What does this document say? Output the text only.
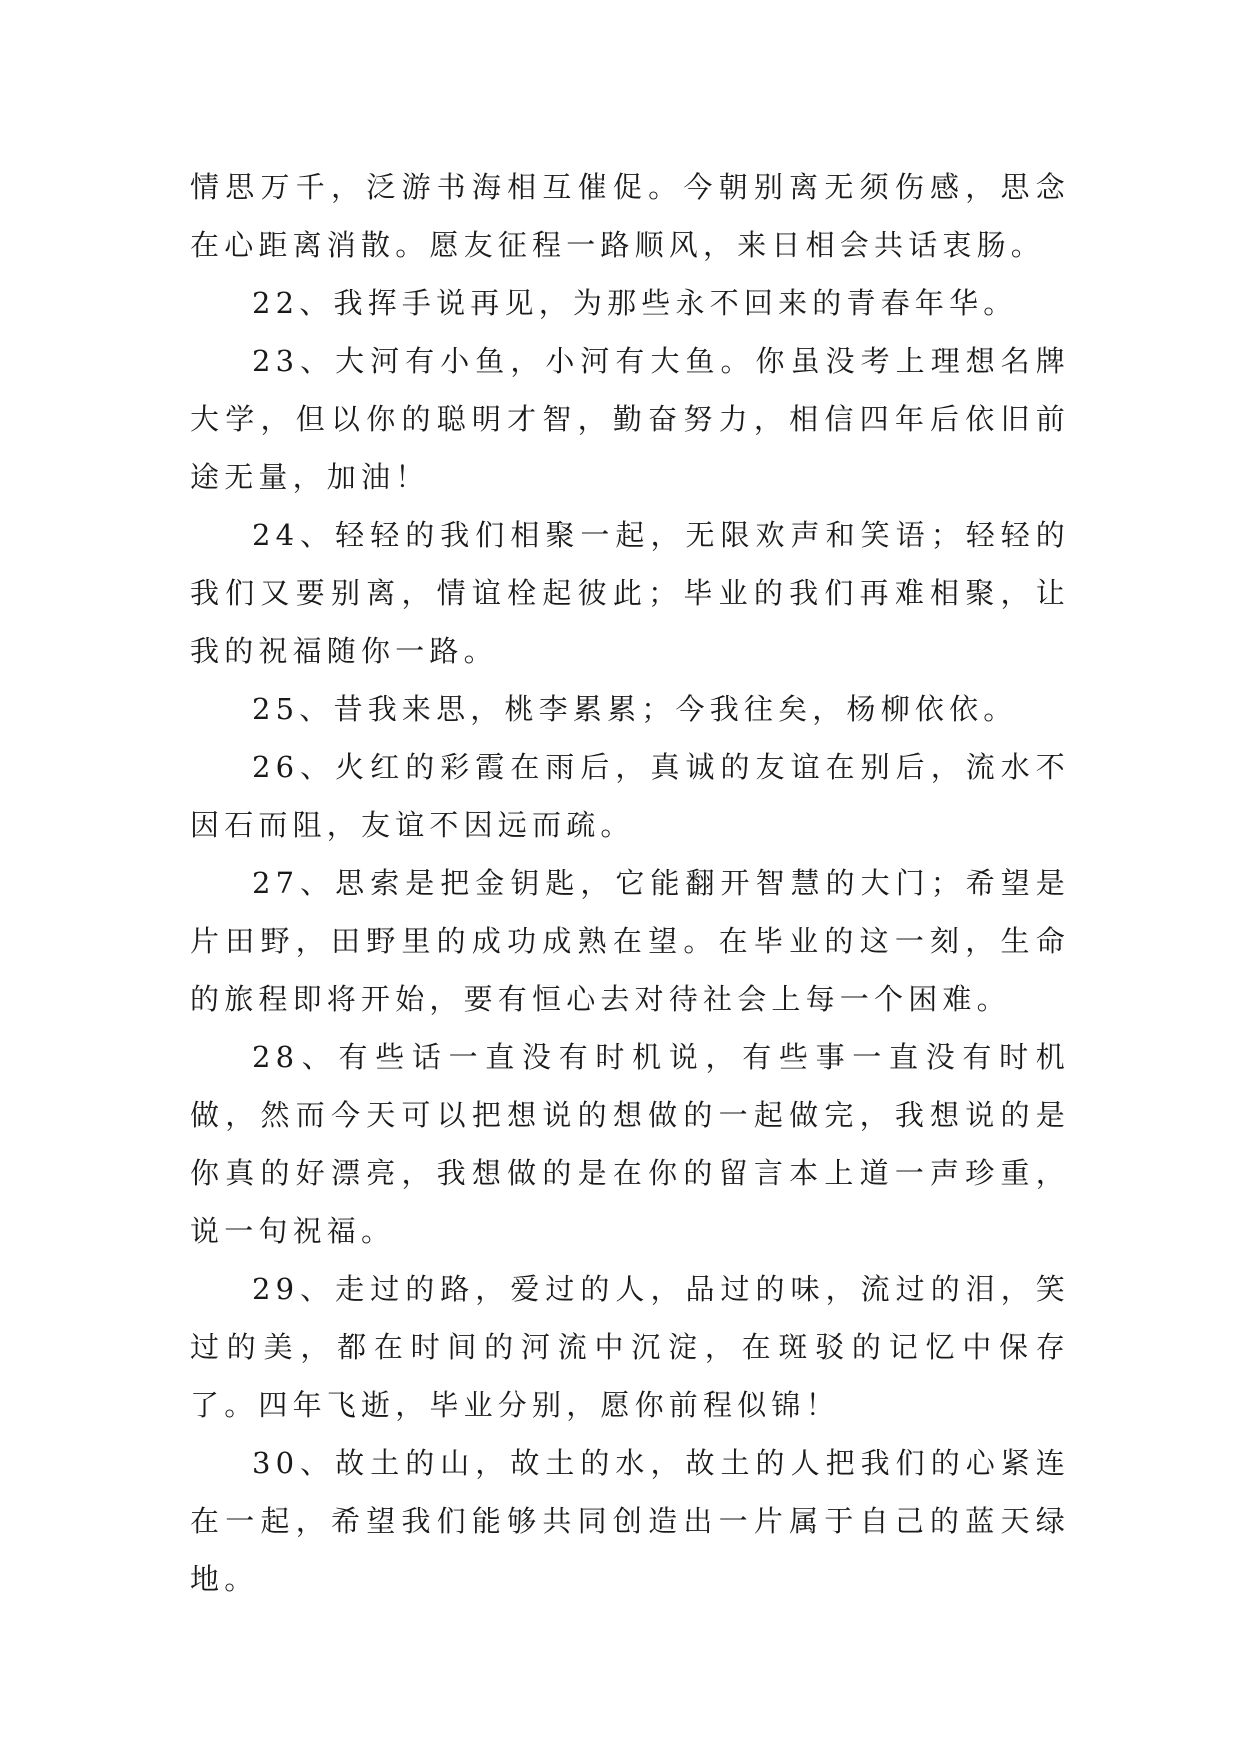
情思万千，泛游书海相互催促。今朝别离无须伤感，思念在心距离消散。愿友征程一路顺风，来日相会共话衷肠。

22、我挥手说再见，为那些永不回来的青春年华。

23、大河有小鱼，小河有大鱼。你虽没考上理想名牌大学，但以你的聪明才智，勤奋努力，相信四年后依旧前途无量，加油！

24、轻轻的我们相聚一起，无限欢声和笑语；轻轻的我们又要别离，情谊栓起彼此；毕业的我们再难相聚，让我的祝福随你一路。

25、昔我来思，桃李累累；今我往矣，杨柳依依。

26、火红的彩霞在雨后，真诚的友谊在别后，流水不因石而阻，友谊不因远而疏。

27、思索是把金钥匙，它能翻开智慧的大门；希望是片田野，田野里的成功成熟在望。在毕业的这一刻，生命的旅程即将开始，要有恒心去对待社会上每一个困难。

28、有些话一直没有时机说，有些事一直没有时机做，然而今天可以把想说的想做的一起做完，我想说的是你真的好漂亮，我想做的是在你的留言本上道一声珍重，说一句祝福。

29、走过的路，爱过的人，品过的味，流过的泪，笑过的美，都在时间的河流中沉淀，在斑驳的记忆中保存了。四年飞逝，毕业分别，愿你前程似锦！

30、故土的山，故土的水，故土的人把我们的心紧连在一起，希望我们能够共同创造出一片属于自己的蓝天绿地。
